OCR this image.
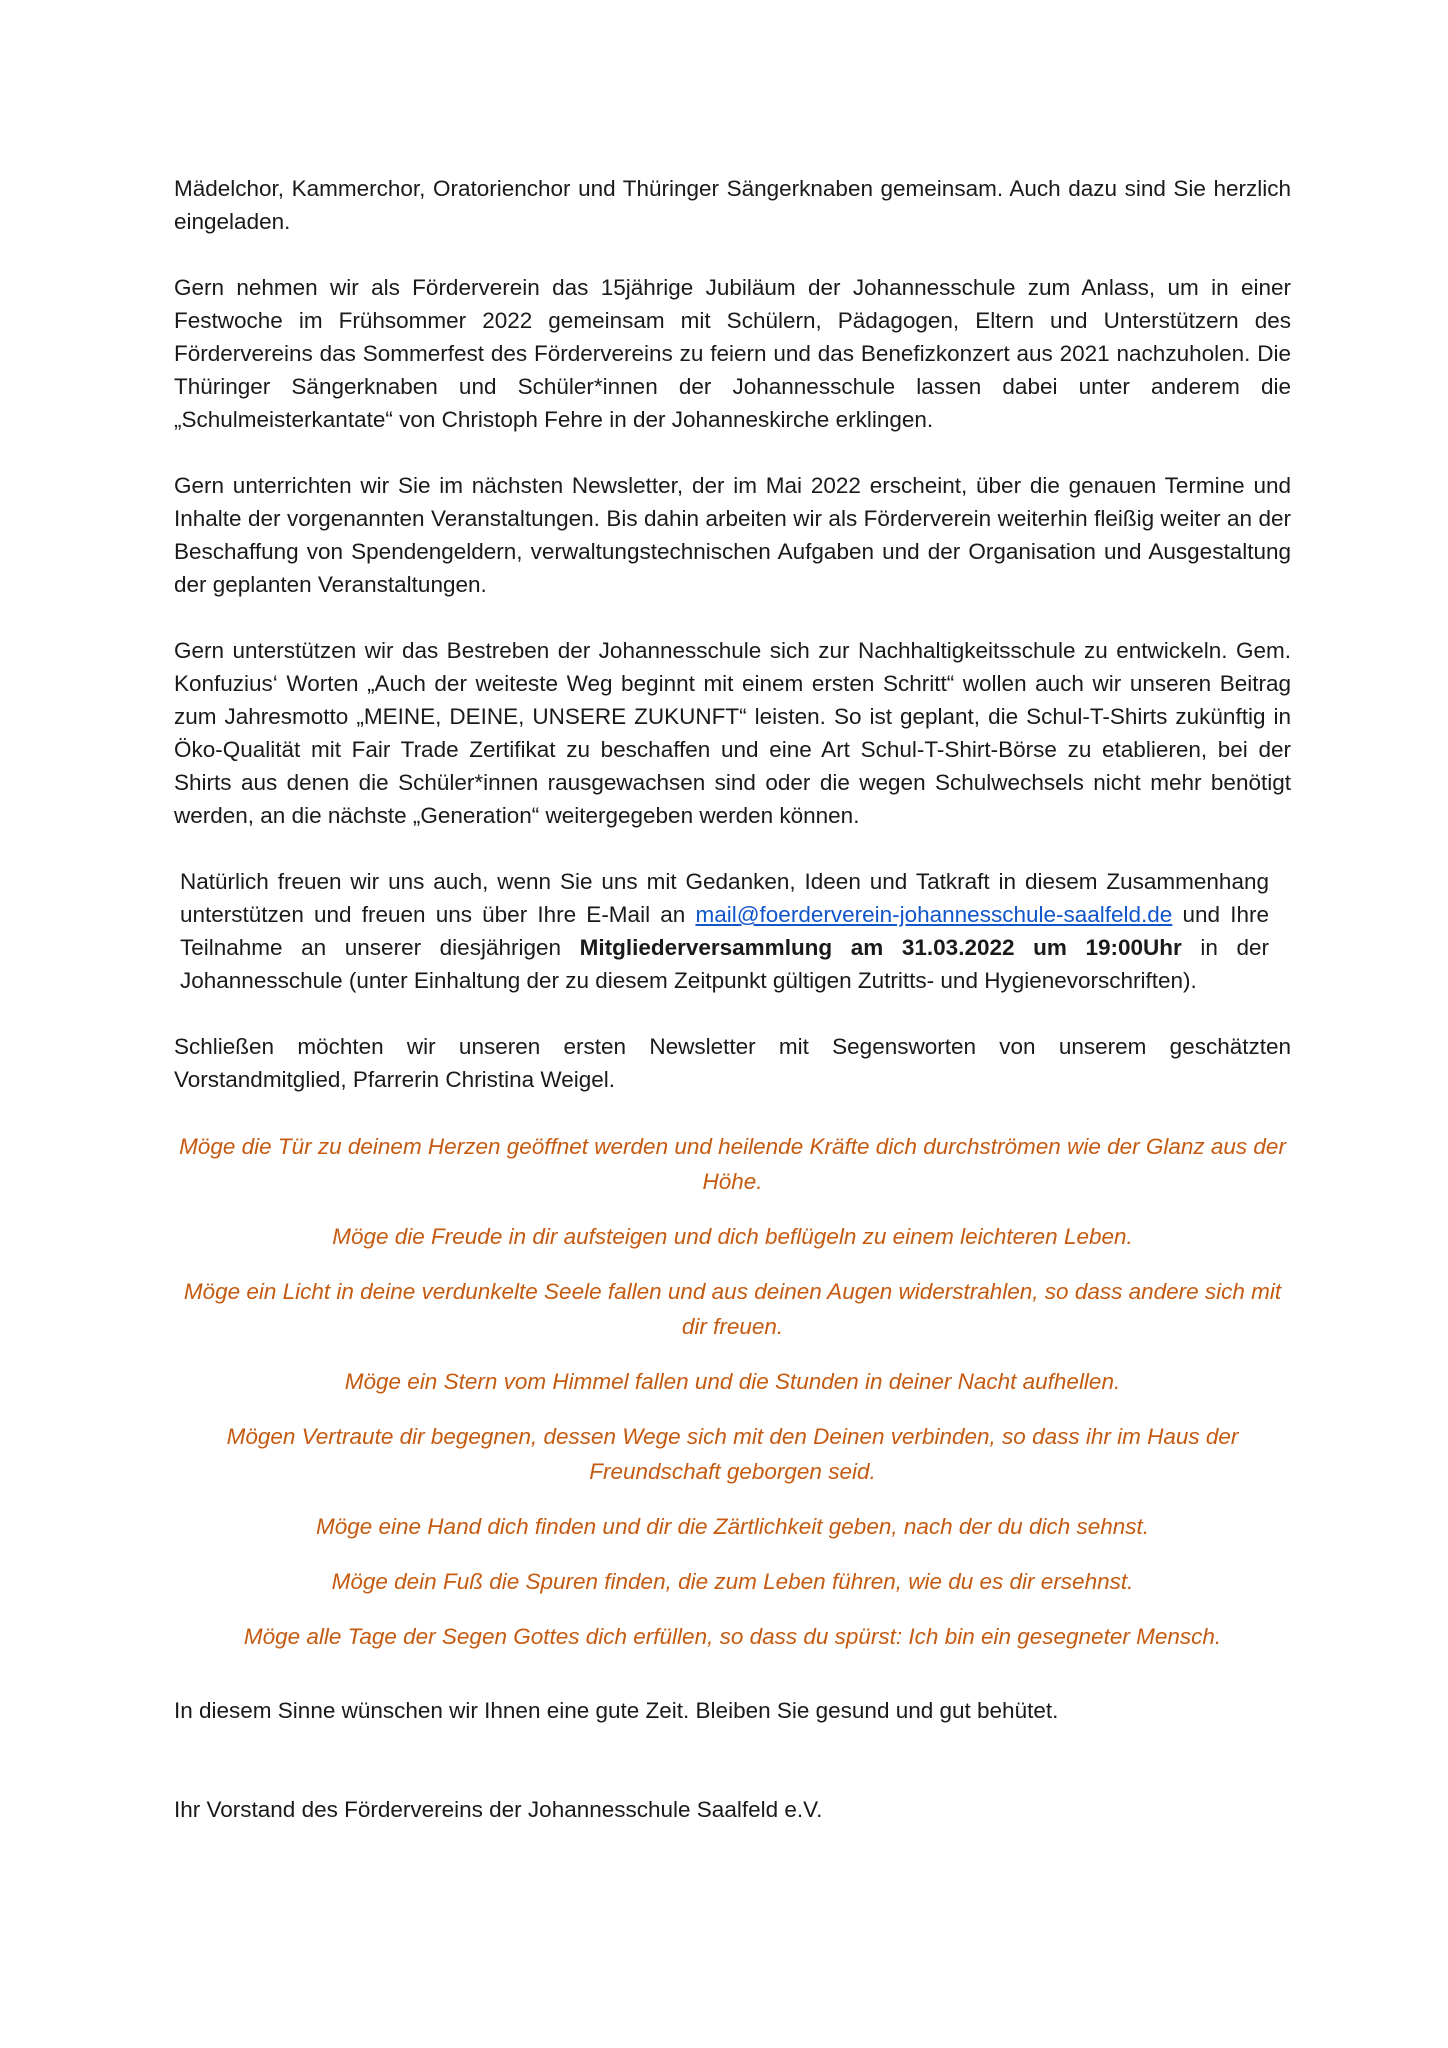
Mädelchor, Kammerchor, Oratorienchor und Thüringer Sängerknaben gemeinsam. Auch dazu sind Sie herzlich eingeladen.

Gern nehmen wir als Förderverein das 15jährige Jubiläum der Johannesschule zum Anlass, um in einer Festwoche im Frühsommer 2022 gemeinsam mit Schülern, Pädagogen, Eltern und Unterstützern des Fördervereins das Sommerfest des Fördervereins zu feiern und das Benefizkonzert aus 2021 nachzuholen. Die Thüringer Sängerknaben und Schüler*innen der Johannesschule lassen dabei unter anderem die „Schulmeisterkantate“ von Christoph Fehre in der Johanneskirche erklingen.

Gern unterrichten wir Sie im nächsten Newsletter, der im Mai 2022 erscheint, über die genauen Termine und Inhalte der vorgenannten Veranstaltungen. Bis dahin arbeiten wir als Förderverein weiterhin fleißig weiter an der Beschaffung von Spendengeldern, verwaltungstechnischen Aufgaben und der Organisation und Ausgestaltung der geplanten Veranstaltungen.

Gern unterstützen wir das Bestreben der Johannesschule sich zur Nachhaltigkeitsschule zu entwickeln. Gem. Konfuzius‘ Worten „Auch der weiteste Weg beginnt mit einem ersten Schritt“ wollen auch wir unseren Beitrag zum Jahresmotto „MEINE, DEINE, UNSERE ZUKUNFT“ leisten. So ist geplant, die Schul-T-Shirts zukünftig in Öko-Qualität mit Fair Trade Zertifikat zu beschaffen und eine Art Schul-T-Shirt-Börse zu etablieren, bei der Shirts aus denen die Schüler*innen rausgewachsen sind oder die wegen Schulwechsels nicht mehr benötigt werden, an die nächste „Generation“ weitergegeben werden können.

Natürlich freuen wir uns auch, wenn Sie uns mit Gedanken, Ideen und Tatkraft in diesem Zusammenhang unterstützen und freuen uns über Ihre E-Mail an mail@foerderverein-johannesschule-saalfeld.de und Ihre Teilnahme an unserer diesjährigen Mitgliederversammlung am 31.03.2022 um 19:00Uhr in der Johannesschule (unter Einhaltung der zu diesem Zeitpunkt gültigen Zutritts- und Hygienevorschriften).

Schließen möchten wir unseren ersten Newsletter mit Segensworten von unserem geschätzten Vorstandmitglied, Pfarrerin Christina Weigel.

Möge die Tür zu deinem Herzen geöffnet werden und heilende Kräfte dich durchströmen wie der Glanz aus der Höhe.

Möge die Freude in dir aufsteigen und dich beflügeln zu einem leichteren Leben.

Möge ein Licht in deine verdunkelte Seele fallen und aus deinen Augen widerstrahlen, so dass andere sich mit dir freuen.

Möge ein Stern vom Himmel fallen und die Stunden in deiner Nacht aufhellen.

Mögen Vertraute dir begegnen, dessen Wege sich mit den Deinen verbinden, so dass ihr im Haus der Freundschaft geborgen seid.

Möge eine Hand dich finden und dir die Zärtlichkeit geben, nach der du dich sehnst.

Möge dein Fuß die Spuren finden, die zum Leben führen, wie du es dir ersehnst.

Möge alle Tage der Segen Gottes dich erfüllen, so dass du spürst: Ich bin ein gesegneter Mensch.

In diesem Sinne wünschen wir Ihnen eine gute Zeit. Bleiben Sie gesund und gut behütet.

Ihr Vorstand des Fördervereins der Johannesschule Saalfeld e.V.
